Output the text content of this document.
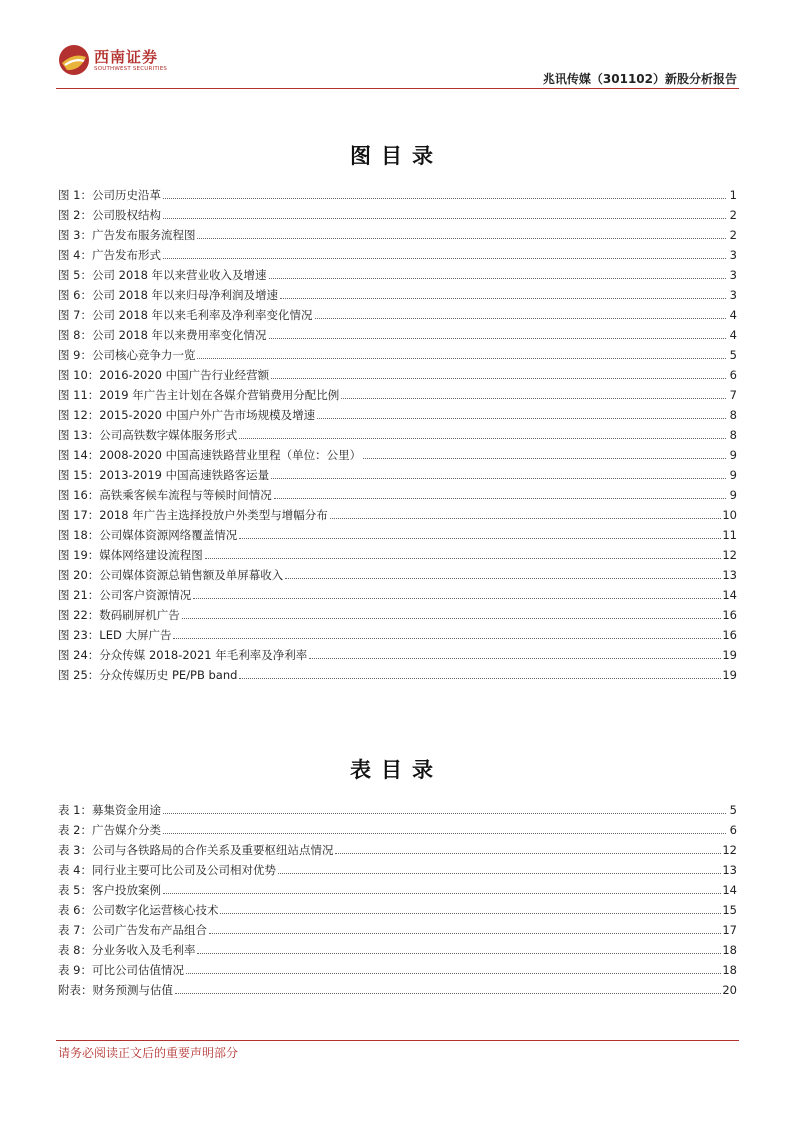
西南证券
SOUTHWEST SECURITIES
兆讯传媒（301102）新股分析报告
图目录
图 1：公司历史沿革	1
图 2：公司股权结构	2
图 3：广告发布服务流程图	2
图 4：广告发布形式	3
图 5：公司 2018 年以来营业收入及增速	3
图 6：公司 2018 年以来归母净利润及增速	3
图 7：公司 2018 年以来毛利率及净利率变化情况	4
图 8：公司 2018 年以来费用率变化情况	4
图 9：公司核心竞争力一览	5
图 10：2016-2020 中国广告行业经营额	6
图 11：2019 年广告主计划在各媒介营销费用分配比例	7
图 12：2015-2020 中国户外广告市场规模及增速	8
图 13：公司高铁数字媒体服务形式	8
图 14：2008-2020 中国高速铁路营业里程（单位：公里）	9
图 15：2013-2019 中国高速铁路客运量	9
图 16：高铁乘客候车流程与等候时间情况	9
图 17：2018 年广告主选择投放户外类型与增幅分布	10
图 18：公司媒体资源网络覆盖情况	11
图 19：媒体网络建设流程图	12
图 20：公司媒体资源总销售额及单屏幕收入	13
图 21：公司客户资源情况	14
图 22：数码刷屏机广告	16
图 23：LED 大屏广告	16
图 24：分众传媒 2018-2021 年毛利率及净利率	19
图 25：分众传媒历史 PE/PB band	19
表目录
表 1：募集资金用途	5
表 2：广告媒介分类	6
表 3：公司与各铁路局的合作关系及重要枢纽站点情况	12
表 4：同行业主要可比公司及公司相对优势	13
表 5：客户投放案例	14
表 6：公司数字化运营核心技术	15
表 7：公司广告发布产品组合	17
表 8：分业务收入及毛利率	18
表 9：可比公司估值情况	18
附表：财务预测与估值	20
请务必阅读正文后的重要声明部分
